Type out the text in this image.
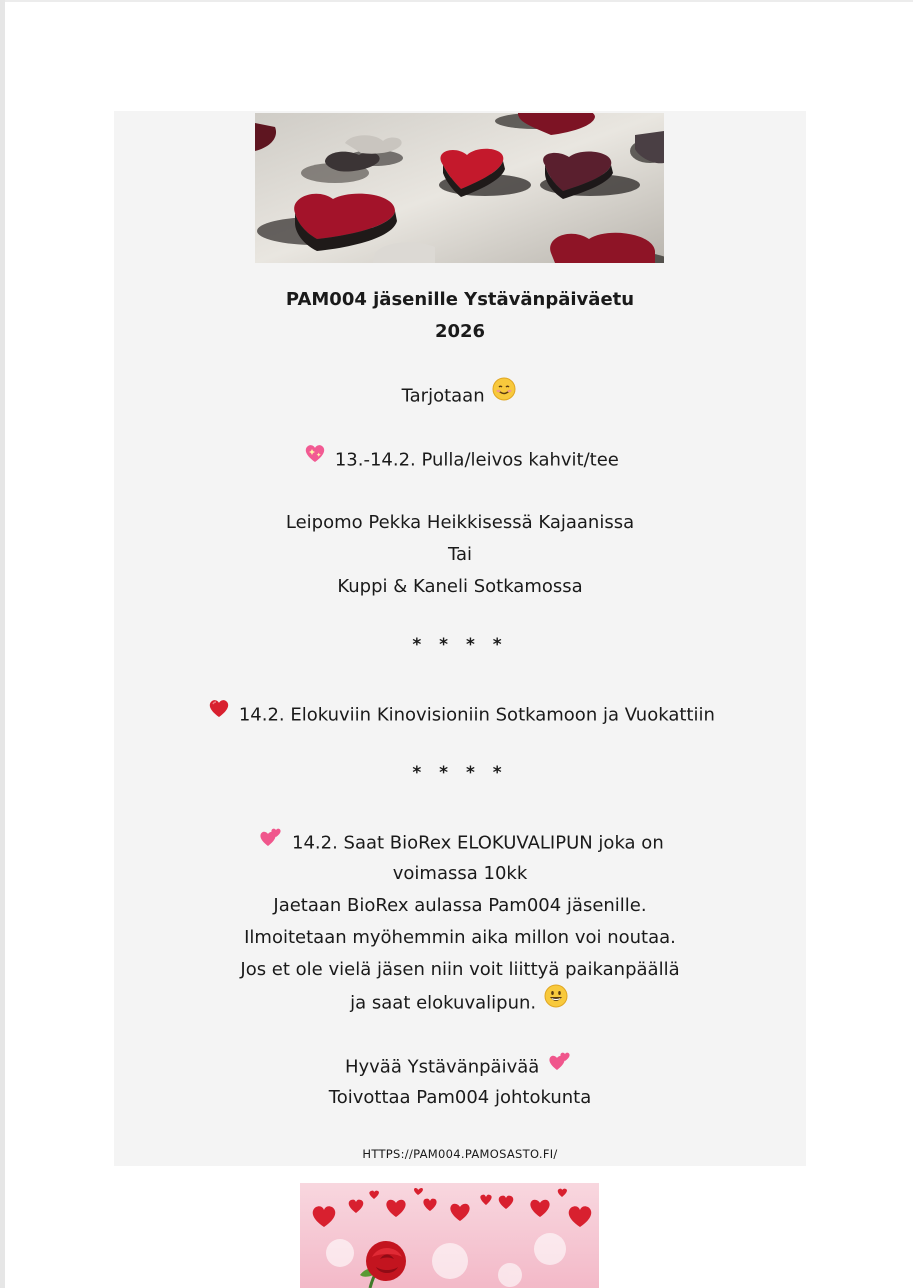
PAM004 jäsenille Ystävänpäiväetu
2026
Tarjotaan
13.-14.2. Pulla/leivos kahvit/tee
Leipomo Pekka Heikkisessä Kajaanissa
Tai
Kuppi & Kaneli Sotkamossa
* * * *
14.2. Elokuviin Kinovisioniin Sotkamoon ja Vuokattiin
* * * *
14.2. Saat BioRex ELOKUVALIPUN joka on
voimassa 10kk
Jaetaan BioRex aulassa Pam004 jäsenille.
Ilmoitetaan myöhemmin aika millon voi noutaa.
Jos et ole vielä jäsen niin voit liittyä paikanpäällä
ja saat elokuvalipun.
Hyvää Ystävänpäivää
Toivottaa Pam004 johtokunta
HTTPS://PAM004.PAMOSASTO.FI/
